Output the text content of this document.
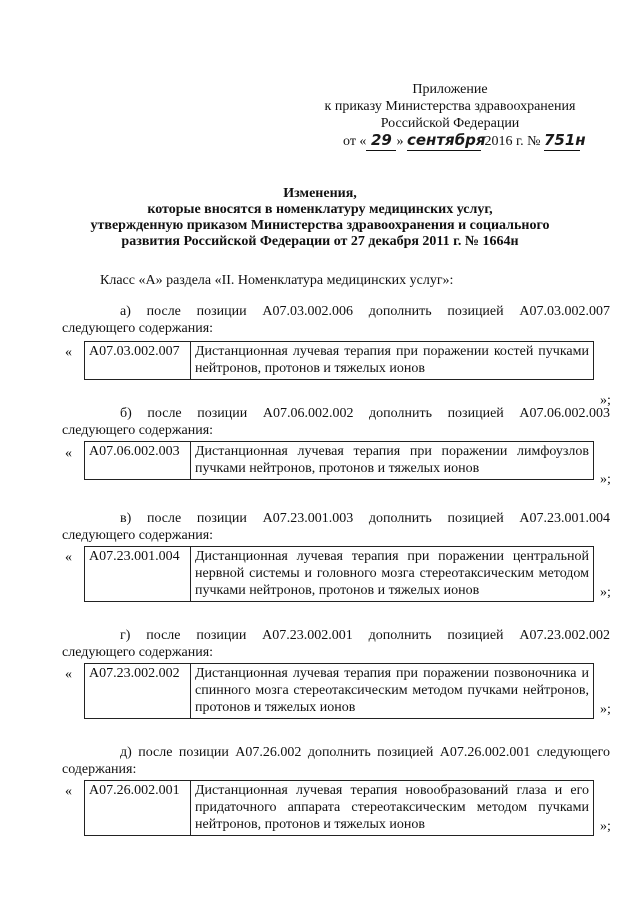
Приложение
к приказу Министерства здравоохранения
Российской Федерации
от « 29 » сентября 2016 г. № 751н
Изменения,
которые вносятся в номенклатуру медицинских услуг,
утвержденную приказом Министерства здравоохранения и социального
развития Российской Федерации от 27 декабря 2011 г. № 1664н
Класс «А» раздела «II. Номенклатура медицинских услуг»:
а) после позиции А07.03.002.006 дополнить позицией А07.03.002.007
следующего содержания:
« А07.03.002.007	Дистанционная лучевая терапия при поражении костей пучками нейтронов, протонов и тяжелых ионов
»;
б) после позиции А07.06.002.002 дополнить позицией А07.06.002.003
следующего содержания:
« А07.06.002.003	Дистанционная лучевая терапия при поражении лимфоузлов пучками нейтронов, протонов и тяжелых ионов
»;
в) после позиции А07.23.001.003 дополнить позицией А07.23.001.004
следующего содержания:
« А07.23.001.004	Дистанционная лучевая терапия при поражении центральной нервной системы и головного мозга стереотаксическим методом пучками нейтронов, протонов и тяжелых ионов	»;
г) после позиции А07.23.002.001 дополнить позицией А07.23.002.002
следующего содержания:
« А07.23.002.002	Дистанционная лучевая терапия при поражении позвоночника и спинного мозга стереотаксическим методом пучками нейтронов, протонов и тяжелых ионов	»;
д) после позиции А07.26.002 дополнить позицией А07.26.002.001 следующего
содержания:
« А07.26.002.001	Дистанционная лучевая терапия новообразований глаза и его придаточного аппарата стереотаксическим методом пучками нейтронов, протонов и тяжелых ионов	»;
